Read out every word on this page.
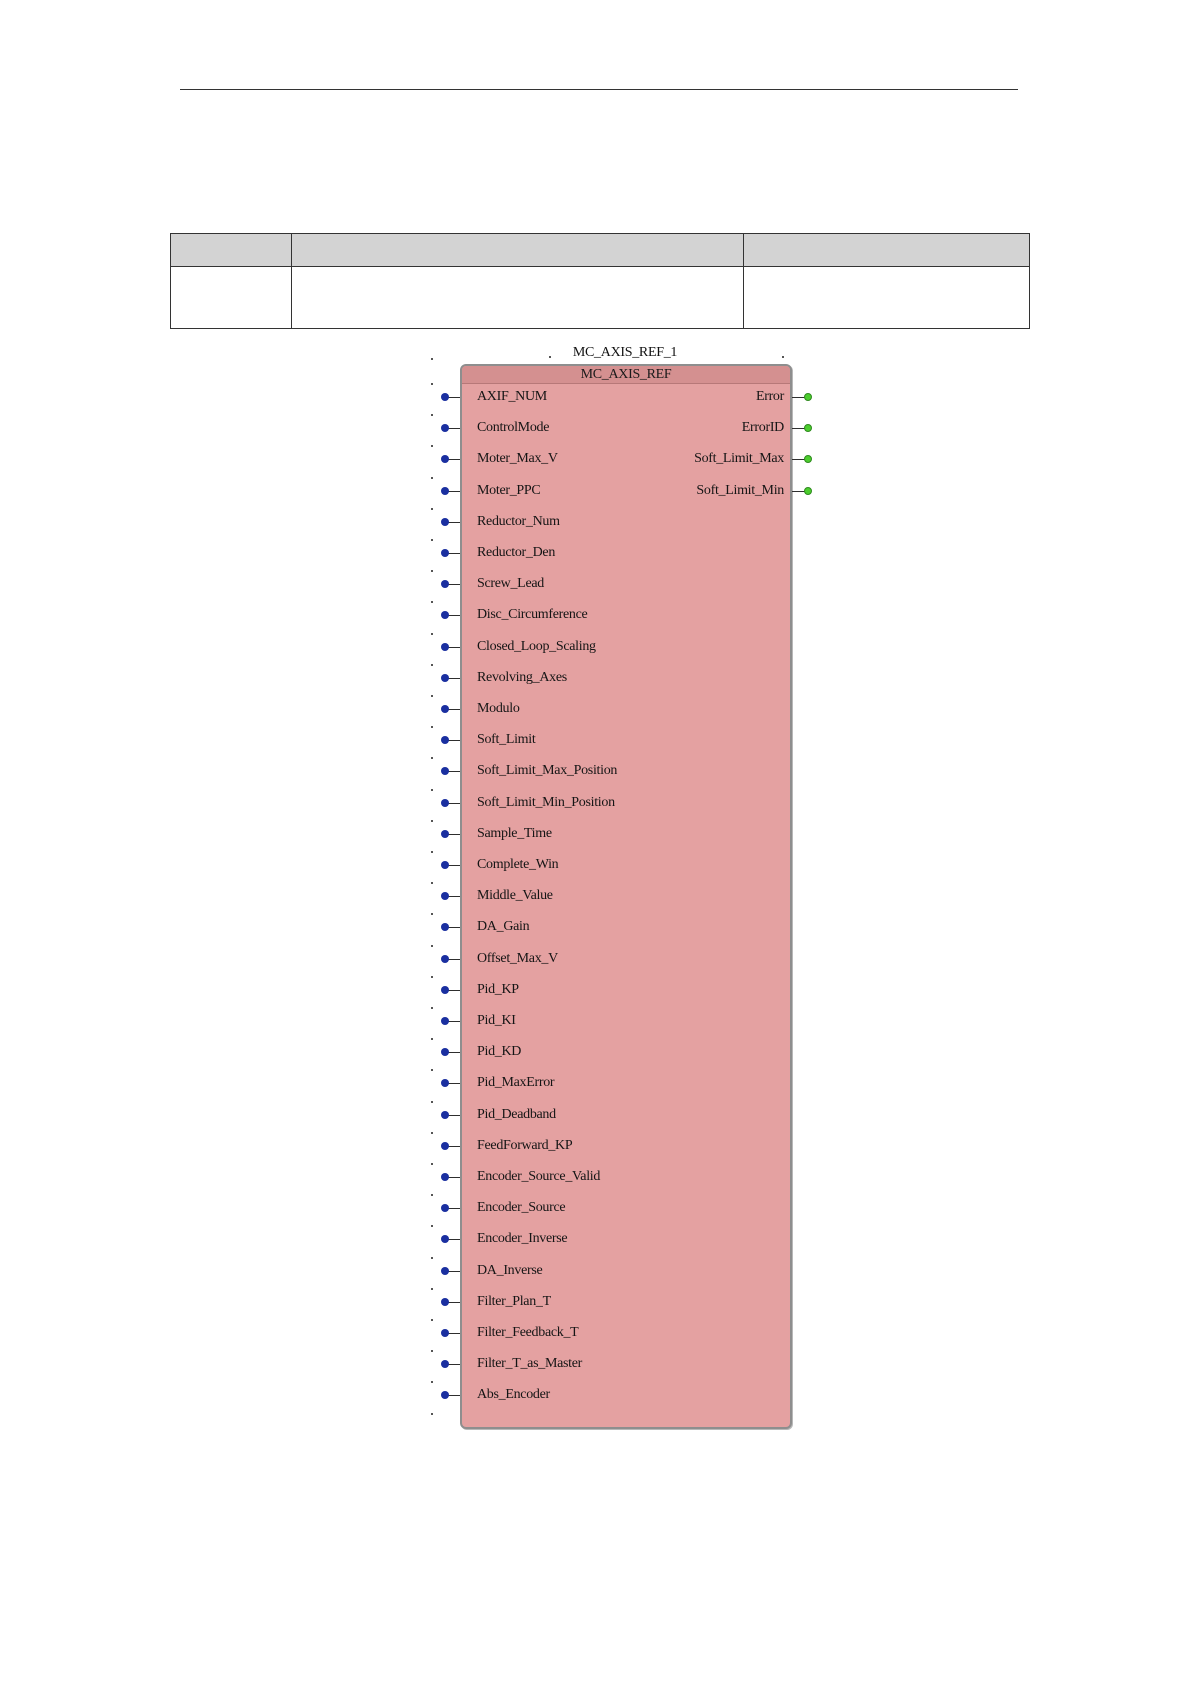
MC_AXIS_REF_1
MC_AXIS_REF
AXIF_NUM
ControlMode
Moter_Max_V
Moter_PPC
Reductor_Num
Reductor_Den
Screw_Lead
Disc_Circumference
Closed_Loop_Scaling
Revolving_Axes
Modulo
Soft_Limit
Soft_Limit_Max_Position
Soft_Limit_Min_Position
Sample_Time
Complete_Win
Middle_Value
DA_Gain
Offset_Max_V
Pid_KP
Pid_KI
Pid_KD
Pid_MaxError
Pid_Deadband
FeedForward_KP
Encoder_Source_Valid
Encoder_Source
Encoder_Inverse
DA_Inverse
Filter_Plan_T
Filter_Feedback_T
Filter_T_as_Master
Abs_Encoder
Error
ErrorID
Soft_Limit_Max
Soft_Limit_Min
